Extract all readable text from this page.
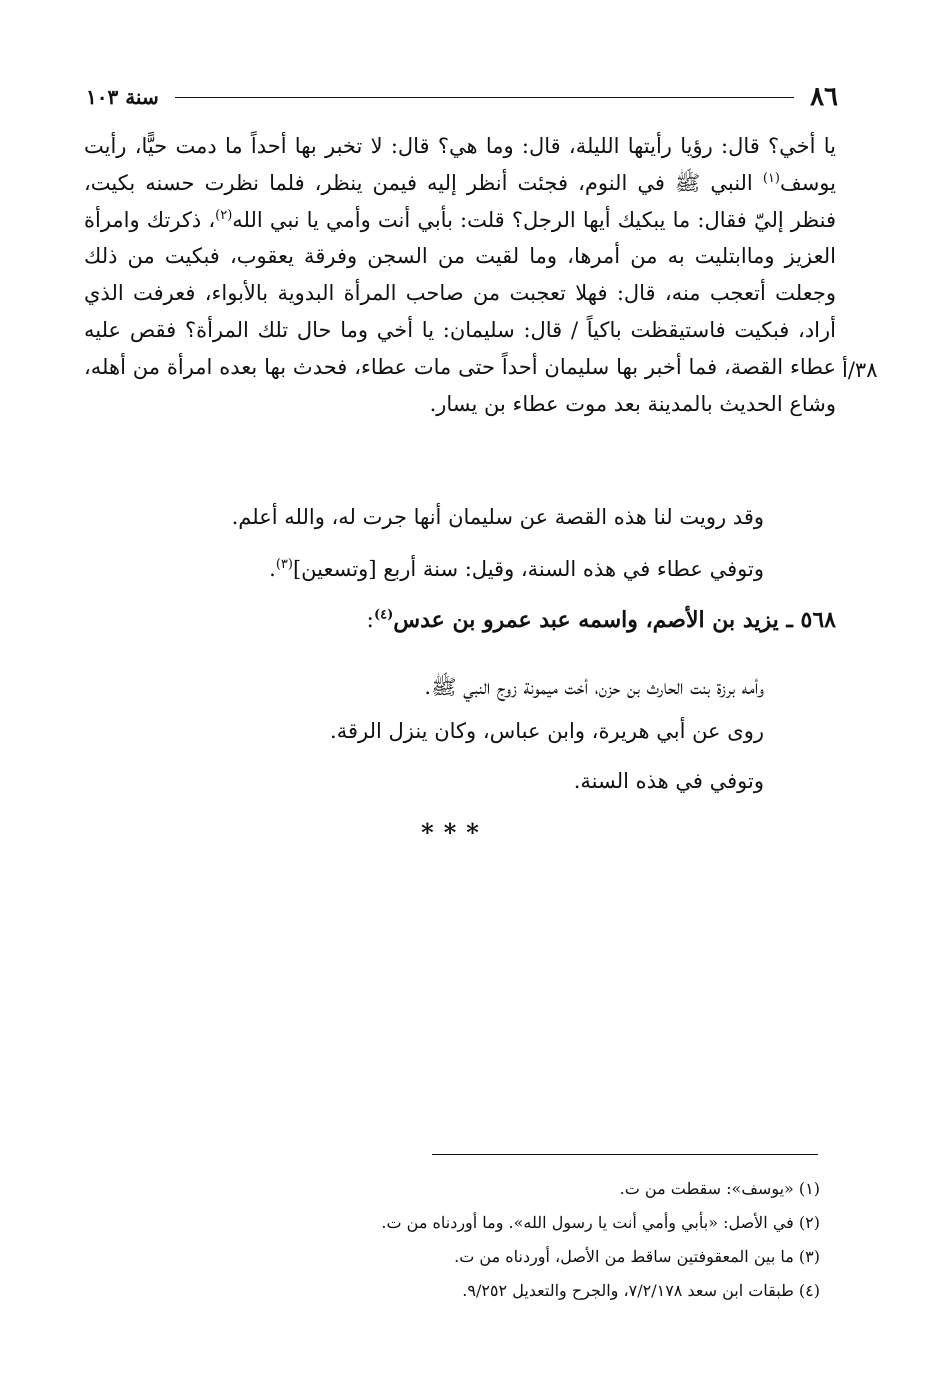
٨٦
سنة ١٠٣
يا أخي؟ قال: رؤيا رأيتها الليلة، قال: وما هي؟ قال: لا تخبر بها أحداً ما دمت حيًّا، رأيت يوسف$^{(١)}$ النبي ﷺ في النوم، فجئت أنظر إليه فيمن ينظر، فلما نظرت حسنه بكيت، فنظر إليّ فقال: ما يبكيك أيها الرجل؟ قلت: بأبي أنت وأمي يا نبي الله$^{(٢)}$، ذكرتك وامرأة العزيز وماابتليت به من أمرها، وما لقيت من السجن وفرقة يعقوب، فبكيت من ذلك وجعلت أتعجب منه، قال: فهلا تعجبت من صاحب المرأة البدوية بالأبواء، فعرفت الذي أراد، فبكيت فاستيقظت باكياً / قال: سليمان: يا أخي وما حال تلك المرأة؟ فقص عليه عطاء القصة، فما أخبر بها سليمان أحداً حتى مات عطاء، فحدث بها بعده امرأة من أهله، وشاع الحديث بالمدينة بعد موت عطاء بن يسار.
٣٨/أ
وقد رويت لنا هذه القصة عن سليمان أنها جرت له، والله أعلم.
وتوفي عطاء في هذه السنة، وقيل: سنة أربع [وتسعين]$^{(٣)}$.
٥٦٨ ـ يزيد بن الأصم، واسمه عبد عمرو بن عدس$^{(٤)}$:
وأمه برزة بنت الحارث بن حزن، أخت ميمونة زوج النبي ﷺ.
روى عن أبي هريرة، وابن عباس، وكان ينزل الرقة.
وتوفي في هذه السنة.
***
(١) «يوسف»: سقطت من ت.
(٢) في الأصل: «بأبي وأمي أنت يا رسول الله». وما أوردناه من ت.
(٣) ما بين المعقوفتين ساقط من الأصل، أوردناه من ت.
(٤) طبقات ابن سعد ٧/٢/١٧٨، والجرح والتعديل ٩/٢٥٢.
